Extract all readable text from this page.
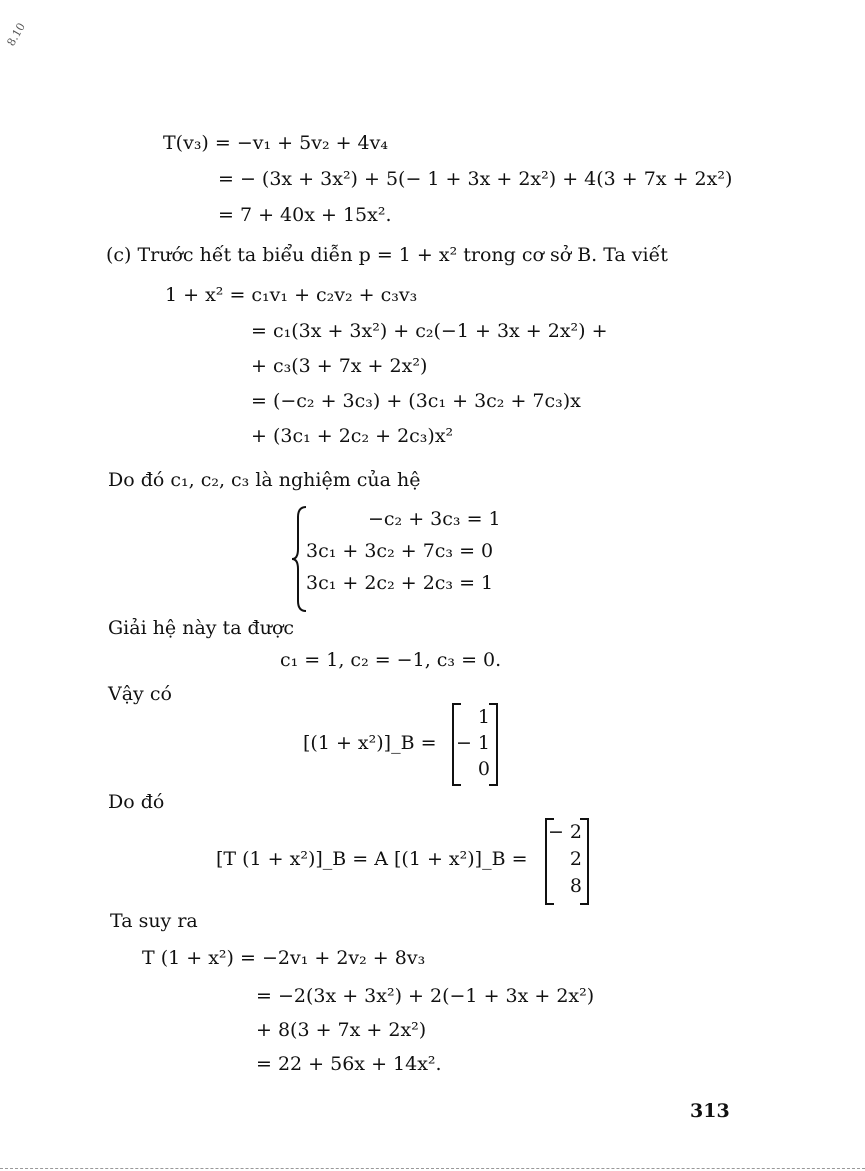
8.10
T(v₃) = −v₁ + 5v₂ + 4v₄
= − (3x + 3x²) + 5(− 1 + 3x + 2x²) + 4(3 + 7x + 2x²)
= 7 + 40x + 15x².
(c) Trước hết ta biểu diễn p = 1 + x² trong cơ sở B. Ta viết
1 + x² = c₁v₁ + c₂v₂ + c₃v₃
= c₁(3x + 3x²) + c₂(−1 + 3x + 2x²) +
+ c₃(3 + 7x + 2x²)
= (−c₂ + 3c₃) + (3c₁ + 3c₂ + 7c₃)x
+ (3c₁ + 2c₂ + 2c₃)x²
Do đó c₁, c₂, c₃ là nghiệm của hệ
−c₂ + 3c₃ = 1
3c₁ + 3c₂ + 7c₃ = 0
3c₁ + 2c₂ + 2c₃ = 1
Giải hệ này ta được
c₁ = 1, c₂ = −1, c₃ = 0.
Vậy có
[(1 + x²)]_B =
1
− 1
0
Do đó
[T (1 + x²)]_B = A [(1 + x²)]_B =
− 2
2
8
Ta suy ra
T (1 + x²) = −2v₁ + 2v₂ + 8v₃
= −2(3x + 3x²) + 2(−1 + 3x + 2x²)
+ 8(3 + 7x + 2x²)
= 22 + 56x + 14x².
313
